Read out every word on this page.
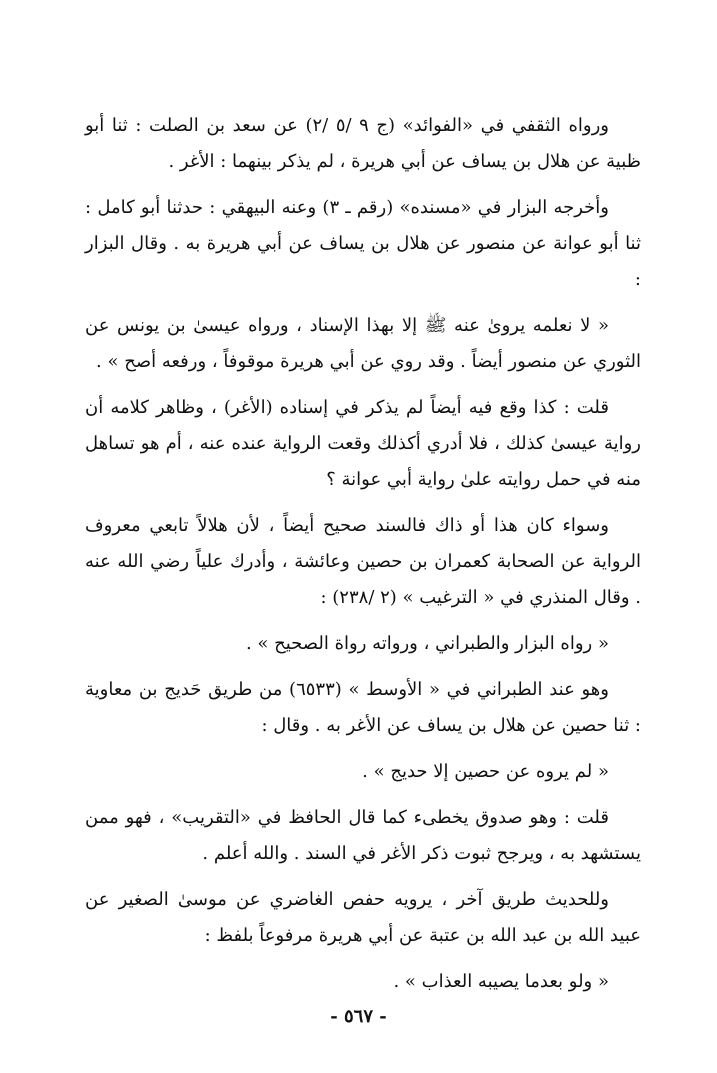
ورواه الثقفي في «الفوائد» (ج ٩ /٥ /٢) عن سعد بن الصلت : ثنا أبو ظبية عن هلال بن يساف عن أبي هريرة ، لم يذكر بينهما : الأغر .

وأخرجه البزار في «مسنده» (رقم ـ ٣) وعنه البيهقي : حدثنا أبو كامل : ثنا أبو عوانة عن منصور عن هلال بن يساف عن أبي هريرة به . وقال البزار :

« لا نعلمه يروىٰ عنه ﷺ إلا بهذا الإسناد ، ورواه عيسىٰ بن يونس عن الثوري عن منصور أيضاً . وقد روي عن أبي هريرة موقوفاً ، ورفعه أصح » .

قلت : كذا وقع فيه أيضاً لم يذكر في إسناده (الأغر) ، وظاهر كلامه أن رواية عيسىٰ كذلك ، فلا أدري أكذلك وقعت الرواية عنده عنه ، أم هو تساهل منه في حمل روايته علىٰ رواية أبي عوانة ؟

وسواء كان هذا أو ذاك فالسند صحيح أيضاً ، لأن هلالاً تابعي معروف الرواية عن الصحابة كعمران بن حصين وعائشة ، وأدرك علياً رضي الله عنه . وقال المنذري في « الترغيب » (٢ /٢٣٨) :

« رواه البزار والطبراني ، ورواته رواة الصحيح » .

وهو عند الطبراني في « الأوسط » (٦٥٣٣) من طريق حَديج بن معاوية : ثنا حصين عن هلال بن يساف عن الأغر به . وقال :

« لم يروه عن حصين إلا حديج » .

قلت : وهو صدوق يخطىء كما قال الحافظ في «التقريب» ، فهو ممن يستشهد به ، ويرجح ثبوت ذكر الأغر في السند . والله أعلم .

وللحديث طريق آخر ، يرويه حفص الغاضري عن موسىٰ الصغير عن عبيد الله بن عبد الله بن عتبة عن أبي هريرة مرفوعاً بلفظ :

« ولو بعدما يصيبه العذاب » .

- ٥٦٧ -
